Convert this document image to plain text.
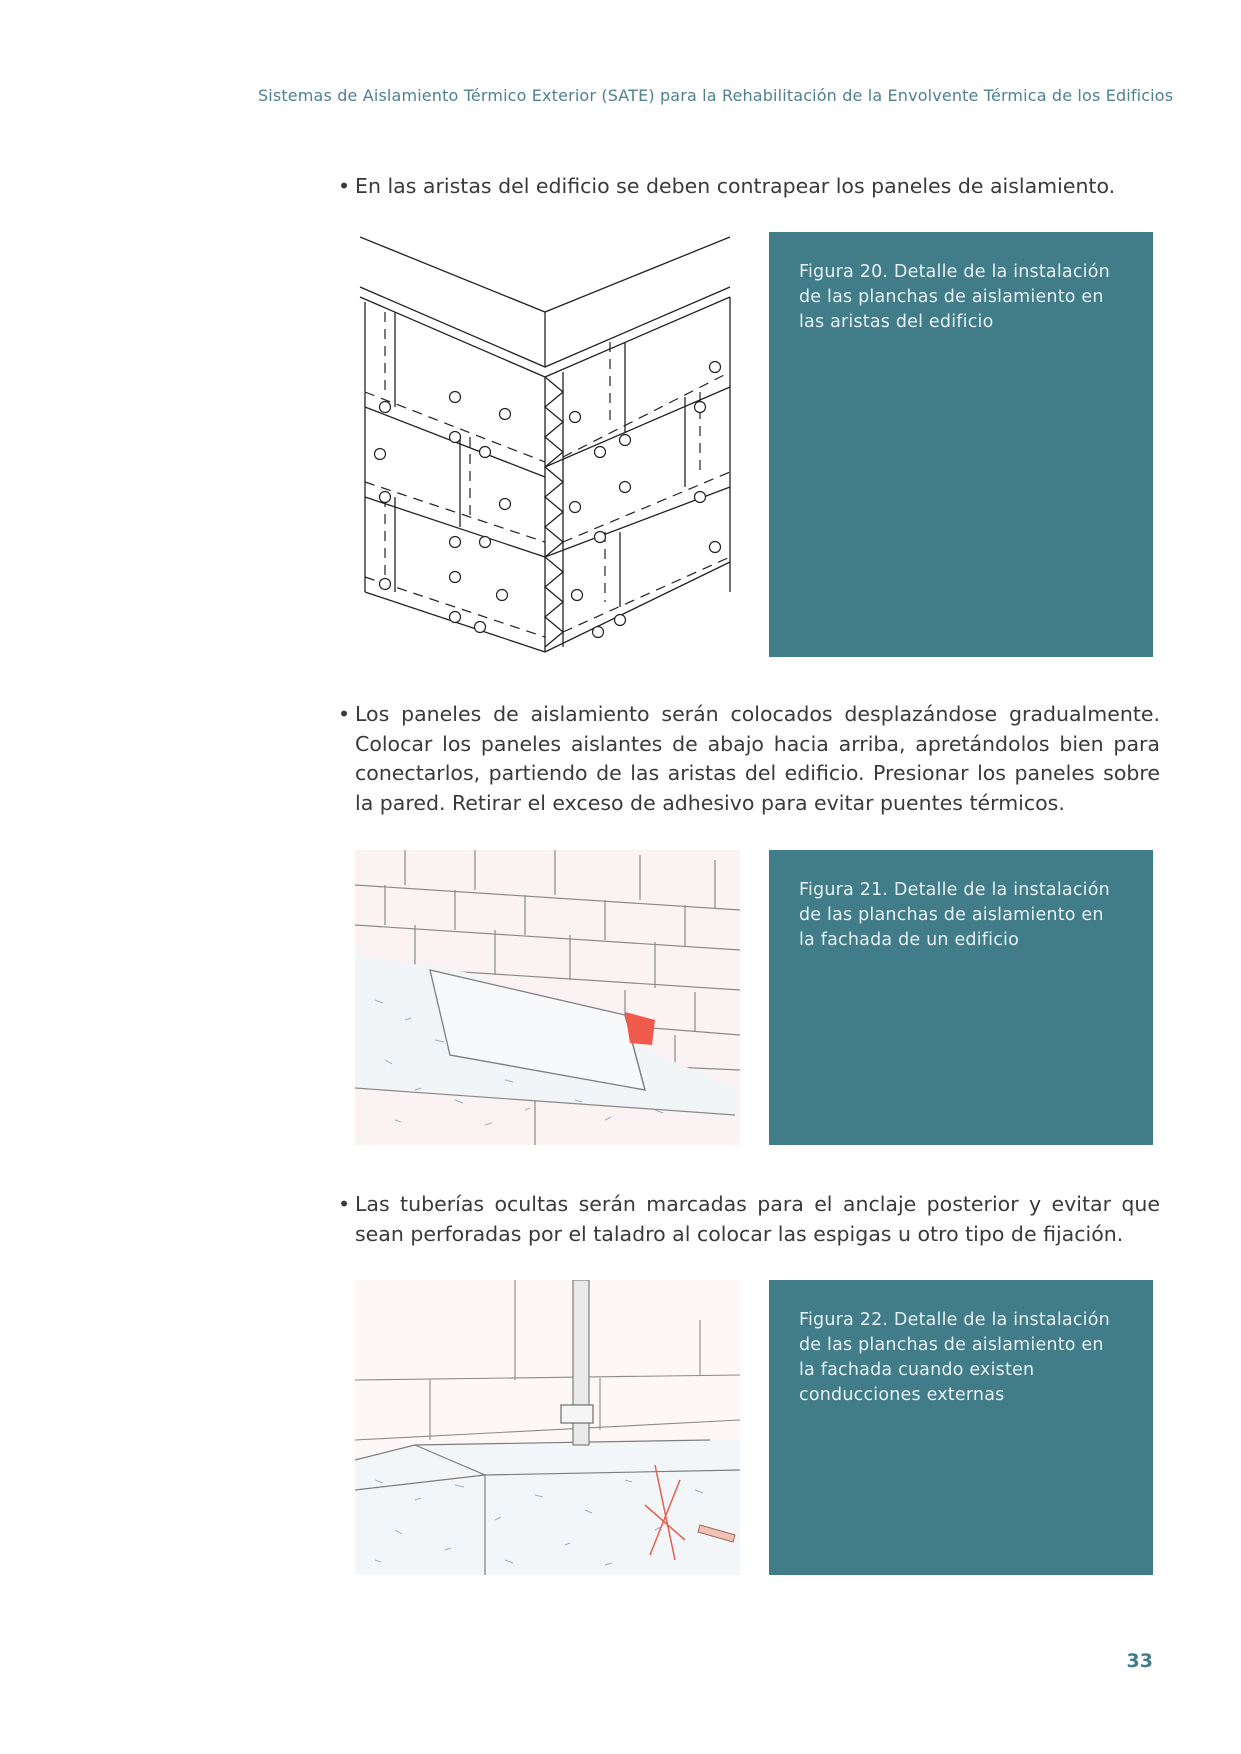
Sistemas de Aislamiento Térmico Exterior (SATE) para la Rehabilitación de la Envolvente Térmica de los Edificios
• En las aristas del edificio se deben contrapear los paneles de aislamiento.
Figura 20. Detalle de la instalación de las planchas de aislamiento en las aristas del edificio
• Los paneles de aislamiento serán colocados desplazándose gradualmente. Colocar los paneles aislantes de abajo hacia arriba, apretándolos bien para conectarlos, partiendo de las aristas del edificio. Presionar los paneles sobre la pared. Retirar el exceso de adhesivo para evitar puentes térmicos.
Figura 21. Detalle de la instalación de las planchas de aislamiento en la fachada de un edificio
• Las tuberías ocultas serán marcadas para el anclaje posterior y evitar que sean perforadas por el taladro al colocar las espigas u otro tipo de fijación.
Figura 22. Detalle de la instalación de las planchas de aislamiento en la fachada cuando existen conducciones externas
33
